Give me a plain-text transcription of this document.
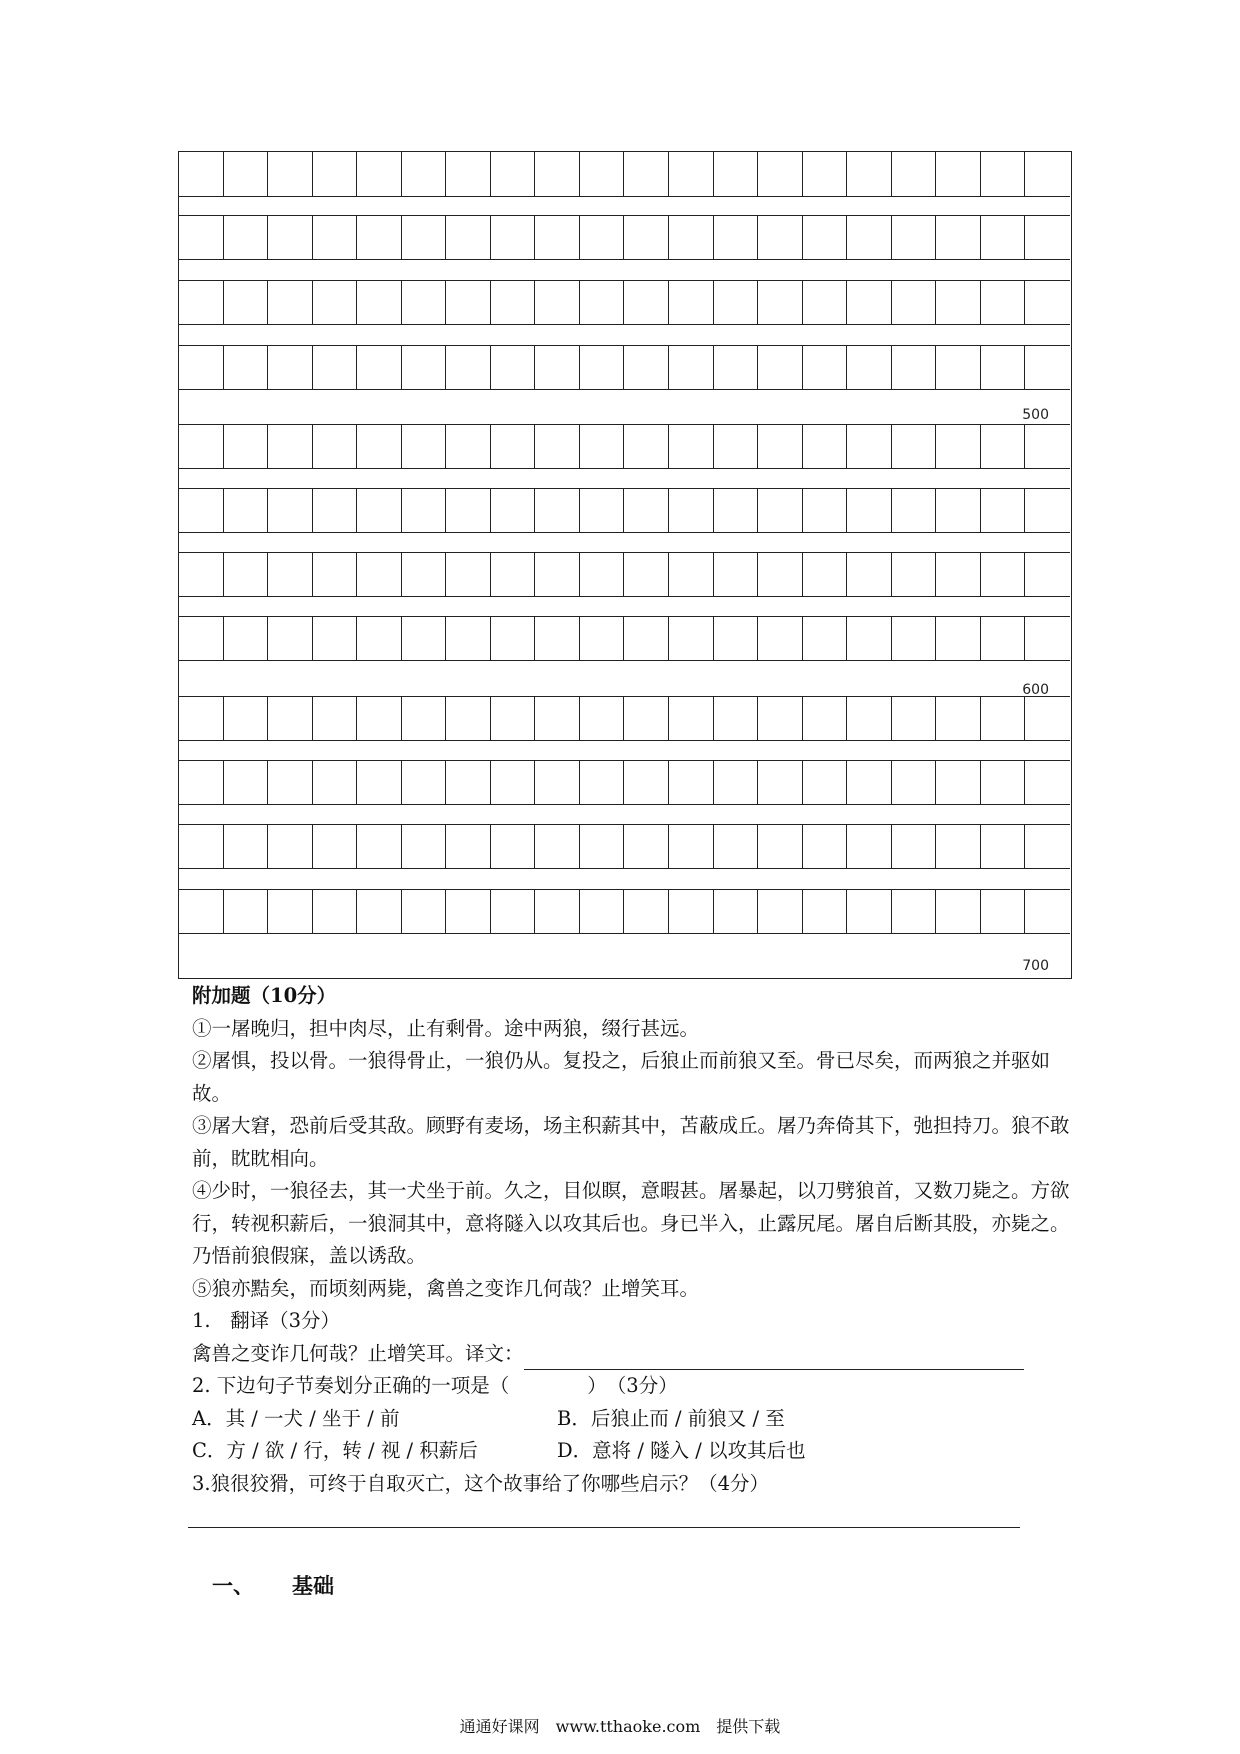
500
600
700

附加题（10分）

①一屠晚归，担中肉尽，止有剩骨。途中两狼，缀行甚远。

②屠惧，投以骨。一狼得骨止，一狼仍从。复投之，后狼止而前狼又至。骨已尽矣，而两狼之并驱如故。

③屠大窘，恐前后受其敌。顾野有麦场，场主积薪其中，苫蔽成丘。屠乃奔倚其下，弛担持刀。狼不敢前，眈眈相向。

④少时，一狼径去，其一犬坐于前。久之，目似瞑，意暇甚。屠暴起，以刀劈狼首，又数刀毙之。方欲行，转视积薪后，一狼洞其中，意将隧入以攻其后也。身已半入，止露尻尾。屠自后断其股，亦毙之。乃悟前狼假寐，盖以诱敌。

⑤狼亦黠矣，而顷刻两毙，禽兽之变诈几何哉？止增笑耳。

1.　翻译（3分）

禽兽之变诈几何哉？止增笑耳。译文：

2. 下边句子节奏划分正确的一项是（　　　　）　（3分）

A．其 / 一犬 / 坐于 / 前	B．后狼止而 / 前狼又 / 至

C．方 / 欲 / 行，转 / 视 / 积薪后	D．意将 / 隧入 / 以攻其后也

3.狼很狡猾，可终于自取灭亡，这个故事给了你哪些启示？（4分）

一、 基础
通通好课网　www.tthaoke.com　提供下载
